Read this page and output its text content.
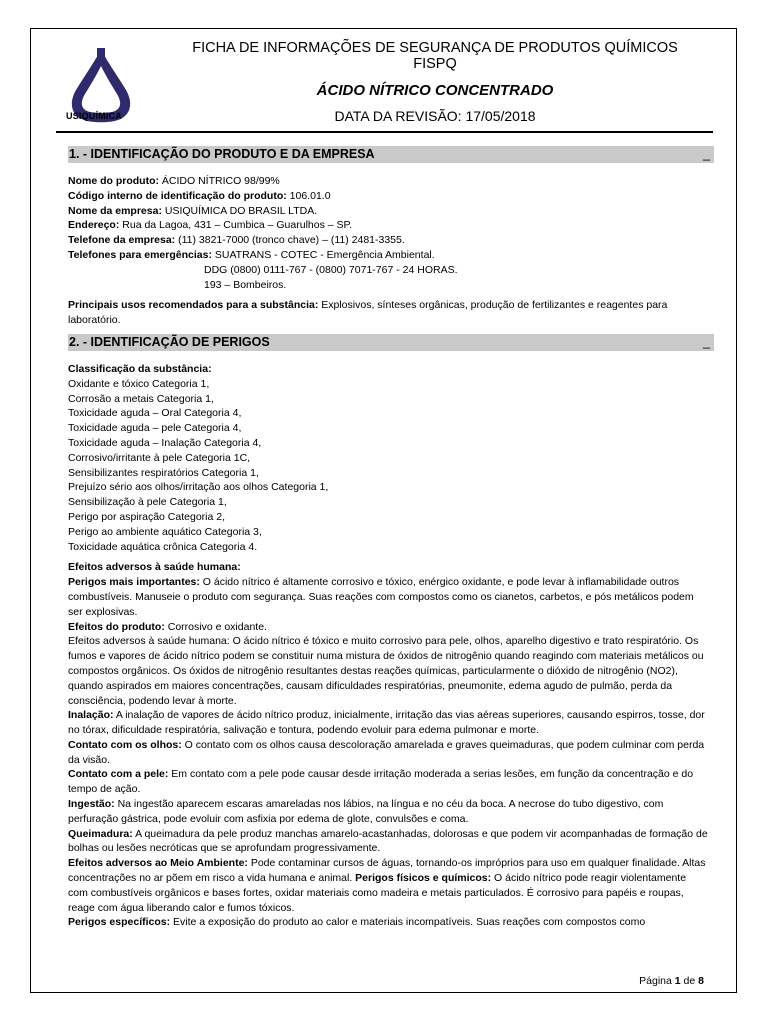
USIQUÍMICA
FICHA DE INFORMAÇÕES DE SEGURANÇA DE PRODUTOS QUÍMICOS
FISPQ
ÁCIDO NÍTRICO CONCENTRADO
DATA DA REVISÃO: 17/05/2018
1. - IDENTIFICAÇÃO DO PRODUTO E DA EMPRESA	_
Nome do produto: ÁCIDO NÍTRICO 98/99%
Código interno de identificação do produto: 106.01.0
Nome da empresa: USIQUÍMICA DO BRASIL LTDA.
Endereço: Rua da Lagoa, 431 – Cumbica – Guarulhos – SP.
Telefone da empresa: (11) 3821-7000 (tronco chave) – (11) 2481-3355.
Telefones para emergências: SUATRANS - COTEC - Emergência Ambiental.
DDG (0800) 0111-767 - (0800) 7071-767 - 24 HORAS.
193 – Bombeiros.
Principais usos recomendados para a substância: Explosivos, sínteses orgânicas, produção de fertilizantes e reagentes para laboratório.
2. - IDENTIFICAÇÃO DE PERIGOS	_
Classificação da substância:
Oxidante e tóxico Categoria 1,
Corrosão a metais Categoria 1,
Toxicidade aguda – Oral Categoria 4,
Toxicidade aguda – pele Categoria 4,
Toxicidade aguda – Inalação Categoria 4,
Corrosivo/irritante à pele Categoria 1C,
Sensibilizantes respiratórios Categoria 1,
Prejuízo sério aos olhos/irritação aos olhos Categoria 1,
Sensibilização à pele Categoria 1,
Perigo por aspiração Categoria 2,
Perigo ao ambiente aquático Categoria 3,
Toxicidade aquática crônica Categoria 4.
Efeitos adversos à saúde humana:
Perigos mais importantes: O ácido nítrico é altamente corrosivo e tóxico, enérgico oxidante, e pode levar à inflamabilidade outros combustíveis. Manuseie o produto com segurança. Suas reações com compostos como os cianetos, carbetos, e pós metálicos podem ser explosivas.
Efeitos do produto: Corrosivo e oxidante.
Efeitos adversos à saúde humana: O ácido nítrico é tóxico e muito corrosivo para pele, olhos, aparelho digestivo e trato respiratório. Os fumos e vapores de ácido nítrico podem se constituir numa mistura de óxidos de nitrogênio quando reagindo com materiais metálicos ou compostos orgânicos. Os óxidos de nitrogênio resultantes destas reações químicas, particularmente o dióxido de nitrogênio (NO2), quando aspirados em maiores concentrações, causam dificuldades respiratórias, pneumonite, edema agudo de pulmão, perda da consciência, podendo levar à morte.
Inalação: A inalação de vapores de ácido nítrico produz, inicialmente, irritação das vias aéreas superiores, causando espirros, tosse, dor no tórax, dificuldade respiratória, salivação e tontura, podendo evoluir para edema pulmonar e morte.
Contato com os olhos: O contato com os olhos causa descoloração amarelada e graves queimaduras, que podem culminar com perda da visão.
Contato com a pele: Em contato com a pele pode causar desde irritação moderada a serias lesões, em função da concentração e do tempo de ação.
Ingestão: Na ingestão aparecem escaras amareladas nos lábios, na língua e no céu da boca. A necrose do tubo digestivo, com perfuração gástrica, pode evoluir com asfixia por edema de glote, convulsões e coma.
Queimadura: A queimadura da pele produz manchas amarelo-acastanhadas, dolorosas e que podem vir acompanhadas de formação de bolhas ou lesões necróticas que se aprofundam progressivamente.
Efeitos adversos ao Meio Ambiente: Pode contaminar cursos de águas, tornando-os impróprios para uso em qualquer finalidade. Altas concentrações no ar põem em risco a vida humana e animal. Perigos físicos e químicos: O ácido nítrico pode reagir violentamente com combustíveis orgânicos e bases fortes, oxidar materiais como madeira e metais particulados. É corrosivo para papéis e roupas, reage com água liberando calor e fumos tóxicos.
Perigos específicos: Evite a exposição do produto ao calor e materiais incompatíveis. Suas reações com compostos como
Página 1 de 8
